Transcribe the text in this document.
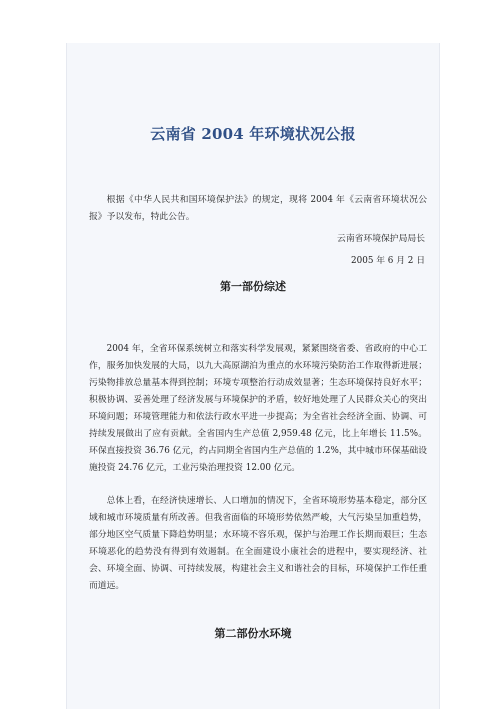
云南省 2004 年环境状况公报
根据《中华人民共和国环境保护法》的规定，现将 2004 年《云南省环境状况公报》予以发布，特此公告。
云南省环境保护局局长
2005 年 6 月 2 日
第一部份综述
2004 年，全省环保系统树立和落实科学发展观，紧紧围绕省委、省政府的中心工作，服务加快发展的大局，以九大高原湖泊为重点的水环境污染防治工作取得新进展；污染物排放总量基本得到控制；环境专项整治行动成效显著；生态环境保持良好水平；积极协调、妥善处理了经济发展与环境保护的矛盾，较好地处理了人民群众关心的突出环境问题；环境管理能力和依法行政水平进一步提高；为全省社会经济全面、协调、可持续发展做出了应有贡献。全省国内生产总值 2,959.48 亿元，比上年增长 11.5%。环保直接投资 36.76 亿元，约占同期全省国内生产总值的 1.2%，其中城市环保基础设施投资 24.76 亿元，工业污染治理投资 12.00 亿元。
总体上看，在经济快速增长、人口增加的情况下，全省环境形势基本稳定，部分区域和城市环境质量有所改善。但我省面临的环境形势依然严峻，大气污染呈加重趋势，部分地区空气质量下降趋势明显；水环境不容乐观，保护与治理工作长期而艰巨；生态环境恶化的趋势没有得到有效遏制。在全面建设小康社会的进程中，要实现经济、社会、环境全面、协调、可持续发展，构建社会主义和谐社会的目标，环境保护工作任重而道远。
第二部份水环境
